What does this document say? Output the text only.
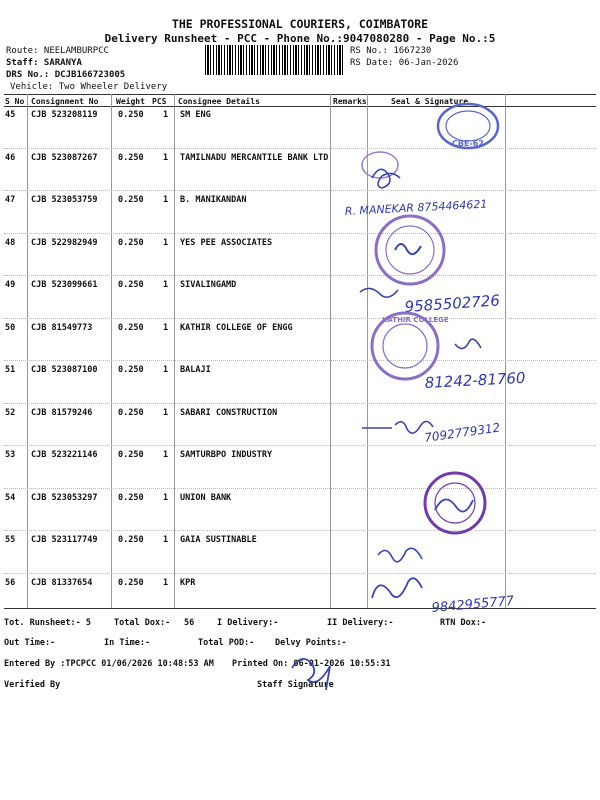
THE PROFESSIONAL COURIERS, COIMBATORE
Delivery Runsheet - PCC - Phone No.:9047080280 - Page No.:5
Route: NEELAMBURPCC
Staff: SARANYA
DRS No.: DCJB166723005
Vehicle: Two Wheeler Delivery
RS No.: 1667230
RS Date: 06-Jan-2026
S No Consignment No Weight PCS Consignee Details	Remarks	Seal & Signature
45 CJB 523208119 0.250 1 SM ENG
46 CJB 523087267 0.250 1 TAMILNADU MERCANTILE BANK LTD
47 CJB 523053759 0.250 1 B. MANIKANDAN
48 CJB 522982949 0.250 1 YES PEE ASSOCIATES
49 CJB 523099661 0.250 1 SIVALINGAMD
50 CJB 81549773	0.250 1 KATHIR COLLEGE OF ENGG
51 CJB 523087100 0.250 1 BALAJI
52 CJB 81579246	0.250 1 SABARI CONSTRUCTION
53 CJB 523221146 0.250 1 SAMTURBPO INDUSTRY
54 CJB 523053297 0.250 1 UNION BANK
55 CJB 523117749 0.250 1 GAIA SUSTINABLE
56 CJB 81337654	0.250 1 KPR
Tot. Runsheet:- 5	Total Dox:- 56	I Delivery:-	II Delivery:-	RTN Dox:-
Out Time:-	In Time:-	Total POD:- Delvy Points:-
Entered By :TPCPCC 01/06/2026 10:48:53 AM Printed On: 06-01-2026 10:55:31
Verified By	Staff Signature
CBE-62
R. MANEKAR 8754464621
9585502726
KATHIR COLLEGE
81242-81760
7092779312
9842955777
